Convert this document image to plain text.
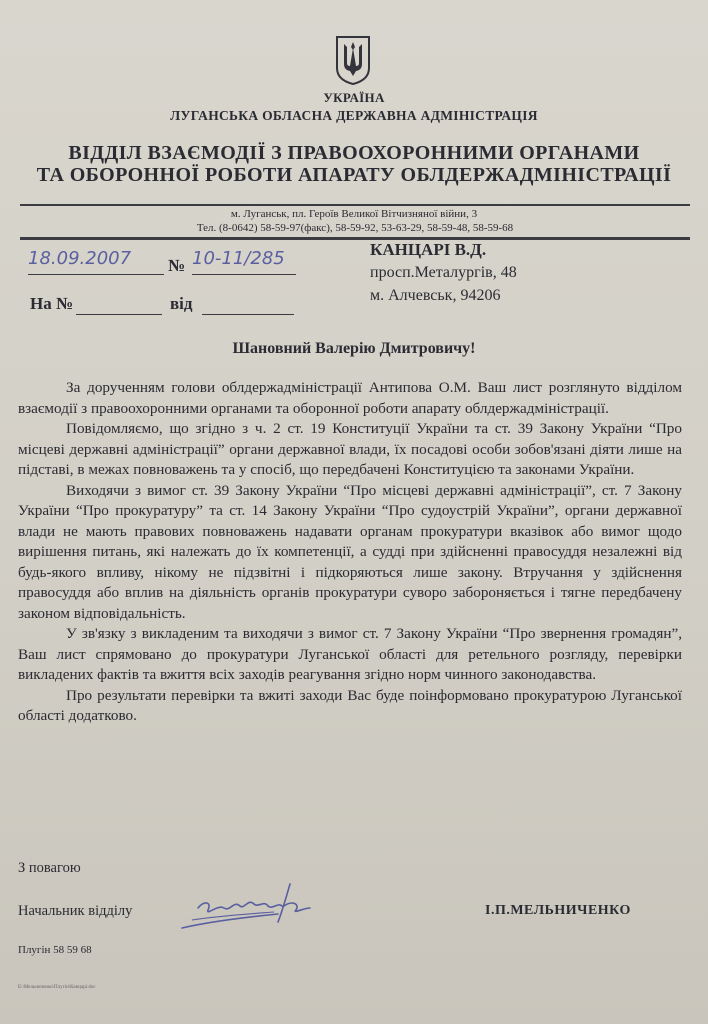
УКРАЇНА
ЛУГАНСЬКА ОБЛАСНА ДЕРЖАВНА АДМІНІСТРАЦІЯ
ВІДДІЛ ВЗАЄМОДІЇ З ПРАВООХОРОННИМИ ОРГАНАМИ
ТА ОБОРОННОЇ РОБОТИ АПАРАТУ ОБЛДЕРЖАДМІНІСТРАЦІЇ
м. Луганськ, пл. Героїв Великої Вітчизняної війни, 3
Тел. (8-0642) 58-59-97(факс), 58-59-92, 53-63-29, 58-59-48, 58-59-68
18.09.2007	№ 10-11/285
На №	від
КАНЦАРІ В.Д.
просп.Металургів, 48
м. Алчевськ, 94206
Шановний Валерію Дмитровичу!

За дорученням голови облдержадміністрації Антипова О.М. Ваш лист розглянуто відділом взаємодії з правоохоронними органами та оборонної роботи апарату облдержадміністрації.

Повідомляємо, що згідно з ч. 2 ст. 19 Конституції України та ст. 39 Закону України “Про місцеві державні адміністрації” органи державної влади, їх посадові особи зобов'язані діяти лише на підставі, в межах повноважень та у спосіб, що передбачені Конституцією та законами України.

Виходячи з вимог ст. 39 Закону України “Про місцеві державні адміністрації”, ст. 7 Закону України “Про прокуратуру” та ст. 14 Закону України “Про судоустрій України”, органи державної влади не мають правових повноважень надавати органам прокуратури вказівок або вимог щодо вирішення питань, які належать до їх компетенції, а судді при здійсненні правосуддя незалежні від будь-якого впливу, нікому не підзвітні і підкоряються лише закону. Втручання у здійснення правосуддя або вплив на діяльність органів прокуратури суворо забороняється і тягне передбачену законом відповідальність.

У зв'язку з викладеним та виходячи з вимог ст. 7 Закону України “Про звернення громадян”, Ваш лист спрямовано до прокуратури Луганської області для ретельного розгляду, перевірки викладених фактів та вжиття всіх заходів реагування згідно норм чинного законодавства.

Про результати перевірки та вжиті заходи Вас буде поінформовано прокуратурою Луганської області додатково.

З повагою
Начальник відділу	І.П.МЕЛЬНИЧЕНКО
Плугін 58 59 68
E:\Мельниченко\Плугін\Канцарі.doc
